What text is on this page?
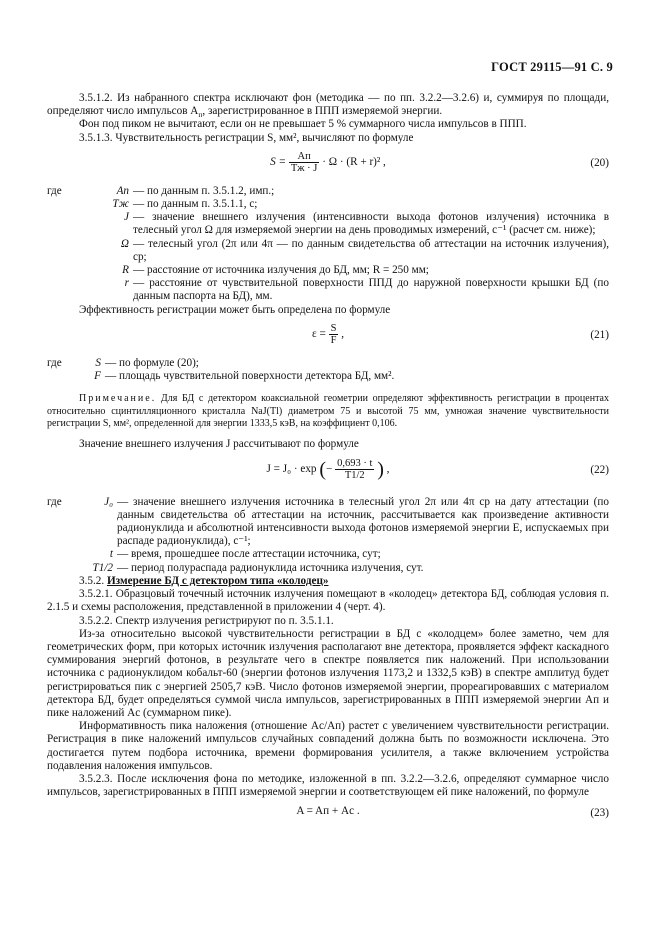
ГОСТ 29115—91 С. 9

3.5.1.2. Из набранного спектра исключают фон (методика — по пп. 3.2.2—3.2.6) и, суммируя по площади, определяют число импульсов $A_п$, зарегистрированное в ППП измеряемой энергии.

Фон под пиком не вычитают, если он не превышает 5 % суммарного числа импульсов в ППП.

3.5.1.3. Чувствительность регистрации S, мм², вычисляют по формуле

$S = \frac{Aп}{Tж \cdot J} \cdot \Omega \cdot (R + r)^2$ ,	(20)
где	Aп — по данным п. 3.5.1.2, имп.;
Tж — по данным п. 3.5.1.1, с;
J — значение внешнего излучения (интенсивности выхода фотонов излучения) источника в телесный угол Ω для измеряемой энергии на день проводимых измерений, с⁻¹ (расчет см. ниже);
Ω — телесный угол (2π или 4π — по данным свидетельства об аттестации на источник излучения), ср;
R — расстояние от источника излучения до БД, мм; R = 250 мм;
r — расстояние от чувствительной поверхности ППД до наружной поверхности крышки БД (по данным паспорта на БД), мм.

Эффективность регистрации может быть определена по формуле

$\varepsilon = \frac{S}{F}$ ,	(21)
где	S — по формуле (20);
F — площадь чувствительной поверхности детектора БД, мм².

Примечание. Для БД с детектором коаксиальной геометрии определяют эффективность регистрации в процентах относительно сцинтилляционного кристалла NaJ(Tl) диаметром 75 и высотой 75 мм, умножая значение чувствительности регистрации S, мм², определенной для энергии 1333,5 кэВ, на коэффициент 0,106.

Значение внешнего излучения J рассчитывают по формуле

J = J₀ · exp (− $\frac{0,693 \cdot t}{T1/2}$ ) ,	(22)
где	J₀ — значение внешнего излучения источника в телесный угол 2π или 4π ср на дату аттестации (по данным свидетельства об аттестации на источник, рассчитывается как произведение активности радионуклида и абсолютной интенсивности выхода фотонов измеряемой энергии E, испускаемых при распаде радионуклида), с⁻¹;
t — время, прошедшее после аттестации источника, сут;
T1/2 — период полураспада радионуклида источника излучения, сут.

3.5.2. Измерение БД с детектором типа «колодец»

3.5.2.1. Образцовый точечный источник излучения помещают в «колодец» детектора БД, соблюдая условия п. 2.1.5 и схемы расположения, представленной в приложении 4 (черт. 4).

3.5.2.2. Спектр излучения регистрируют по п. 3.5.1.1.

Из-за относительно высокой чувствительности регистрации в БД с «колодцем» более заметно, чем для геометрических форм, при которых источник излучения располагают вне детектора, проявляется эффект каскадного суммирования энергий фотонов, в результате чего в спектре появляется пик наложений. При использовании источника с радионуклидом кобальт-60 (энергии фотонов излучения 1173,2 и 1332,5 кэВ) в спектре амплитуд будет регистрироваться пик с энергией 2505,7 кэВ. Число фотонов измеряемой энергии, прореагировавших с материалом детектора БД, будет определяться суммой числа импульсов, зарегистрированных в ППП измеряемой энергии Aп и пике наложений Aс (суммарном пике).

Информативность пика наложения (отношение Aс/Aп) растет с увеличением чувствительности регистрации. Регистрация в пике наложений импульсов случайных совпадений должна быть по возможности исключена. Это достигается путем подбора источника, времени формирования усилителя, а также включением устройства подавления наложения импульсов.

3.5.2.3. После исключения фона по методике, изложенной в пп. 3.2.2—3.2.6, определяют суммарное число импульсов, зарегистрированных в ППП измеряемой энергии и соответствующем ей пике наложений, по формуле

A = Aп + Aс .	(23)
